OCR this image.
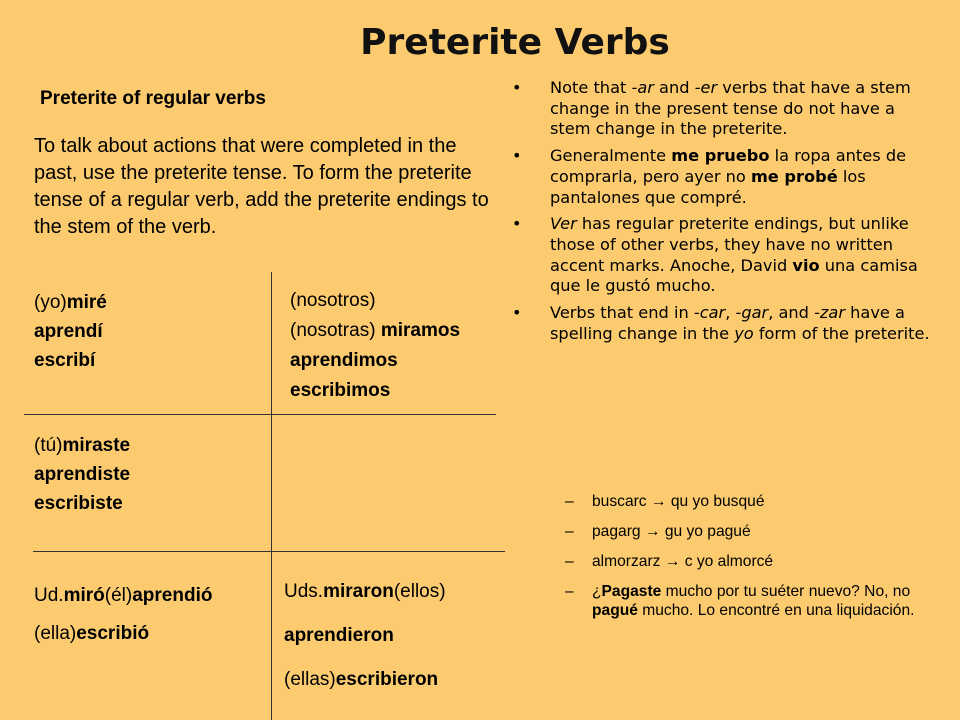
Preterite Verbs
Preterite of regular verbs
To talk about actions that were completed in the past, use the preterite tense. To form the preterite tense of a regular verb, add the preterite endings to the stem of the verb.
(yo)miré
aprendí
escribí
(nosotros)
(nosotras) miramos
aprendimos
escribimos
(tú)miraste
aprendiste
escribiste
Ud.miró(él)aprendió
(ella)escribió
Uds.miraron(ellos)
aprendieron
(ellas)escribieron
• Note that -ar and -er verbs that have a stem change in the present tense do not have a stem change in the preterite.
• Generalmente me pruebo la ropa antes de comprarla, pero ayer no me probé los pantalones que compré.
• Ver has regular preterite endings, but unlike those of other verbs, they have no written accent marks. Anoche, David vio una camisa que le gustó mucho.
• Verbs that end in -car, -gar, and -zar have a spelling change in the yo form of the preterite.
– buscarc → qu yo busqué
– pagarg → gu yo pagué
– almorzarz → c yo almorcé
– ¿Pagaste mucho por tu suéter nuevo? No, no pagué mucho. Lo encontré en una liquidación.
